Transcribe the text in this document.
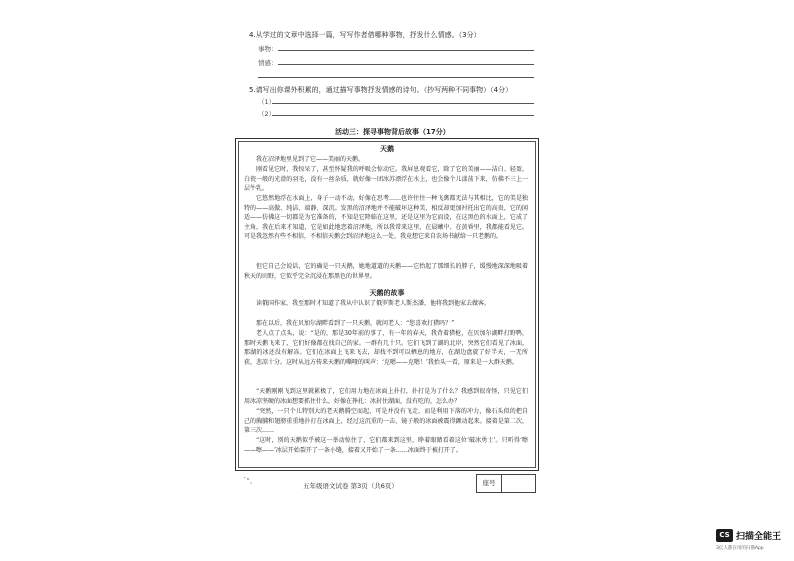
4.从学过的文章中选择一篇，写写作者借哪种事物，抒发什么情感。（3分）
事物：
情感：
5.请写出你课外积累的，通过描写事物抒发情感的诗句。（抄写两种不同事物）（4分）
（1）
（2）
活动三：探寻事物背后故事（17分）
天鹅
我在沼泽地里见到了它——美丽的天鹅。
刚看见它时，我惊呆了，甚至怀疑我的呼吸会惊动它。我屏息观看它，除了它的美丽——洁白、轻盈，白瓷一般的光滑的羽毛，没有一丝杂质，就好像一团冰苏漂浮在水上，也会像个儿漾荡下来，仿佛不三上一层牛乳。
它悠然地浮在水面上，身子一动不动，好像在思考……也许往往一种飞禽都无法与其相比，它的美是独特的——高傲、纯洁、端静、深沉。发黑的沼泽地并不能破坏这种美，相反却更加衬托出它的高贵，它的闲适——仿佛这一切都是为它准备的，不知是它降临在这里，还是这里为它而设，在这黑色的水面上，它成了主角。我在后来才知道，它是如此地恋着沼泽地，所以我常来这里，在晨曦中、在黄昏里，我都能看见它。可是我忽然有些不相信，不相信天鹅会到沼泽地这么一处，我竟想它来自农场书献给一只老鹅的。
但它自己会说话，它的确是一只天鹅，她地道道的天鹅——它抬起了那细长的脖子，缓慢地深深地吸着秋天的田野，它似乎完全沉浸在那黑色的世界里。
天鹅的故事
读俄国作家，我至那时才知道了我从中认识了俄罗斯老人斯杰潘，他将我到他家去做客。
那在以后，我在贝加尔湖畔看到了一只天鹅，就问老人：“您喜欢打猎吗？”
老人点了点头，说：“是的，那是30年前的事了，有一年的春天，我背着猎枪，在贝加尔湖畔打野鸭，那时天鹅飞来了，它们好像都在找自己的家。一群有几十只。它们飞到了湖的北岸，突然它们看见了冰面，那湖的冰还没有解冻。它们在冰面上飞来飞去，却找不到可以栖息的地方，在湖边盘旋了好半天，一无所获，悲凉十分。这时从远方传来天鹅的嘶哑的叫声：‘克嗯——克嗯！’我抬头一看，原来是一大群天鹅。
“天鹅刚刚飞到这里就累极了，它们用力地在冰面上扑打，扑打是为了什么？我感到很奇怪，只见它们用冰凉坚硬的冰面想要抓住什么，好像在挣扎：冰封住湖面，没有吃的，怎么办？
“突然，一只个儿特别大的老天鹅腾空而起，可是并没有飞走，而是利用下落的冲力，像石头似的把自己的胸脯和翅膀重重地扑打在冰面上，经过这沉重的一击，镜子般的冰面被震得颤动起来。接着是第二次，第三次……
“这时，别的天鹅似乎被这一举动惊住了，它们都来到这里，睁着眼睛看着这位‘破冰勇士’。只听得‘嚓——嚓——’冰层开始裂开了一条小缝，接着又开始了一条……冰面终于被打开了。
ˉ"、
五年级语文试卷 第3页（共6页）	座号
CS 扫描全能王
3亿人都在用的扫描App
